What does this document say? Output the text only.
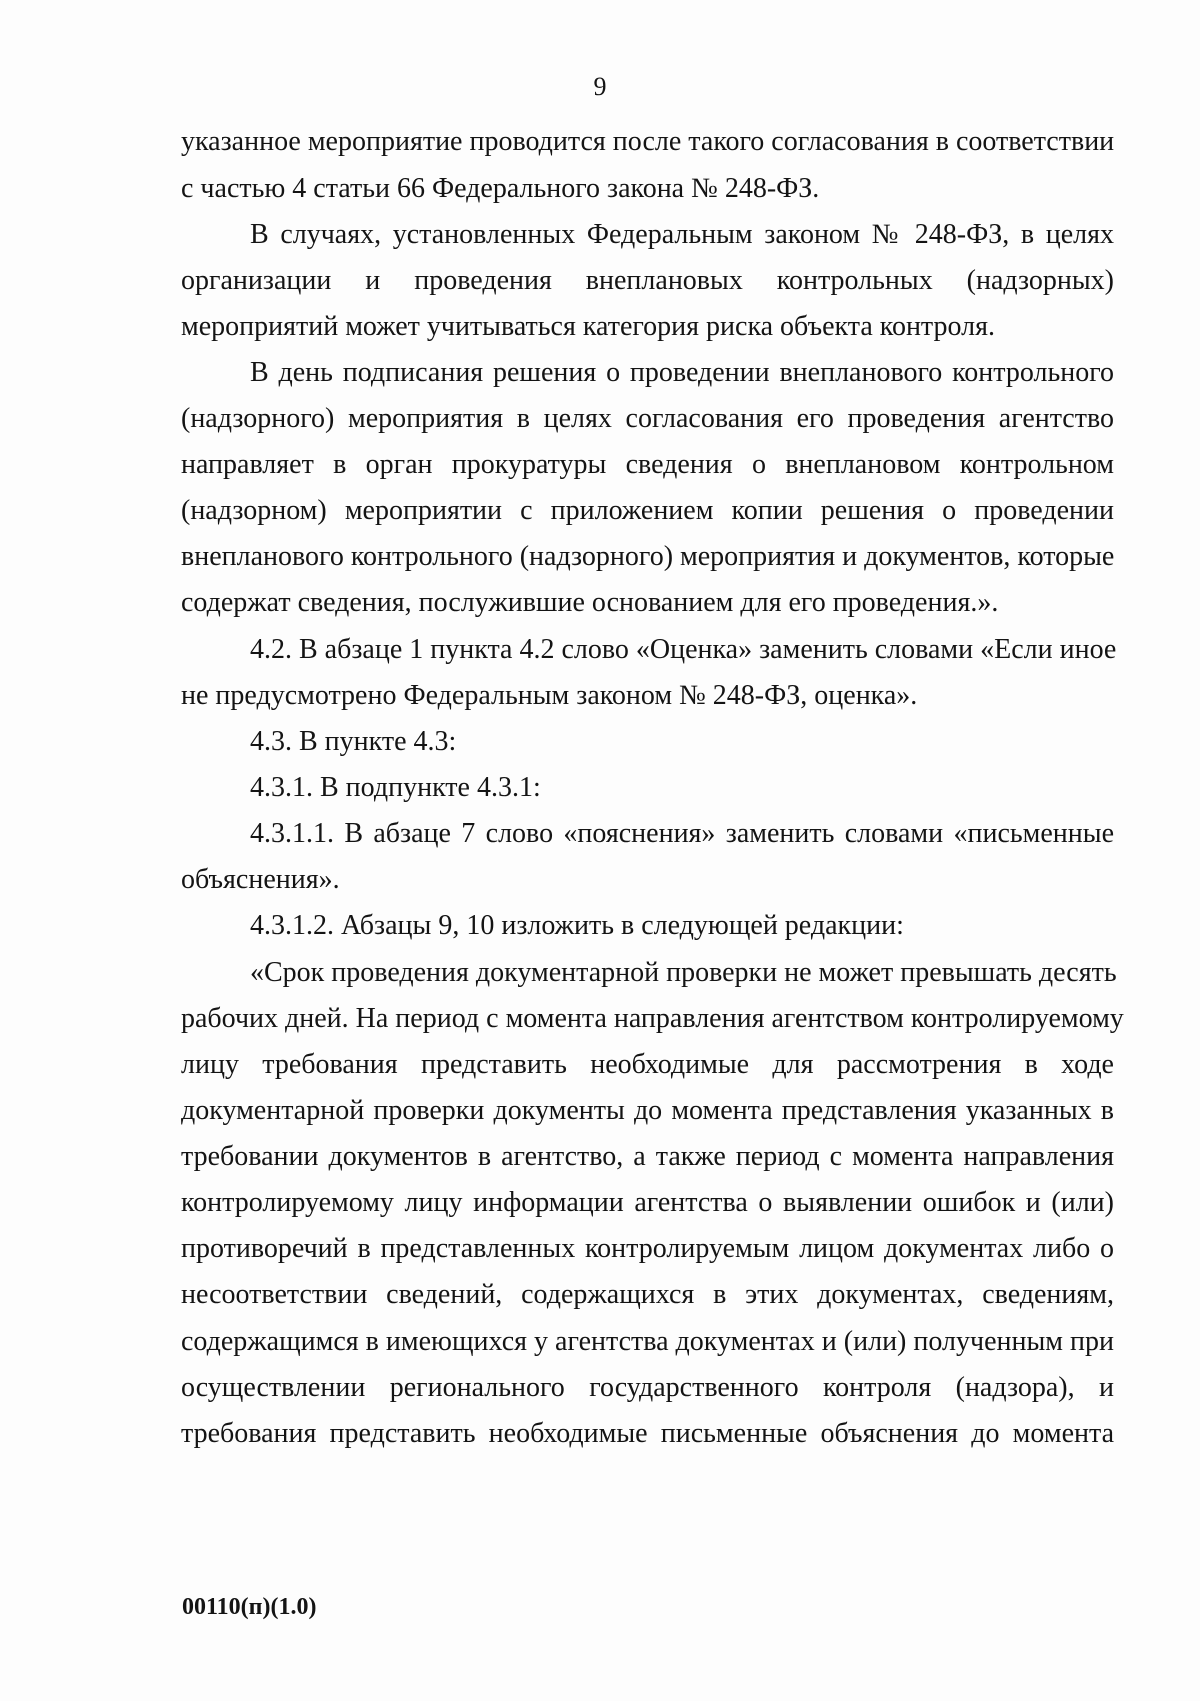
9
указанное мероприятие проводится после такого согласования в соответствии
с частью 4 статьи 66 Федерального закона № 248-ФЗ.
В случаях, установленных Федеральным законом № 248-ФЗ, в целях
организации и проведения внеплановых контрольных (надзорных)
мероприятий может учитываться категория риска объекта контроля.
В день подписания решения о проведении внепланового контрольного
(надзорного) мероприятия в целях согласования его проведения агентство
направляет в орган прокуратуры сведения о внеплановом контрольном
(надзорном) мероприятии с приложением копии решения о проведении
внепланового контрольного (надзорного) мероприятия и документов, которые
содержат сведения, послужившие основанием для его проведения.».
4.2. В абзаце 1 пункта 4.2 слово «Оценка» заменить словами «Если иное
не предусмотрено Федеральным законом № 248-ФЗ, оценка».
4.3. В пункте 4.3:
4.3.1. В подпункте 4.3.1:
4.3.1.1. В абзаце 7 слово «пояснения» заменить словами «письменные
объяснения».
4.3.1.2. Абзацы 9, 10 изложить в следующей редакции:
«Срок проведения документарной проверки не может превышать десять
рабочих дней. На период с момента направления агентством контролируемому
лицу требования представить необходимые для рассмотрения в ходе
документарной проверки документы до момента представления указанных в
требовании документов в агентство, а также период с момента направления
контролируемому лицу информации агентства о выявлении ошибок и (или)
противоречий в представленных контролируемым лицом документах либо о
несоответствии сведений, содержащихся в этих документах, сведениям,
содержащимся в имеющихся у агентства документах и (или) полученным при
осуществлении регионального государственного контроля (надзора), и
требования представить необходимые письменные объяснения до момента
00110(п)(1.0)
